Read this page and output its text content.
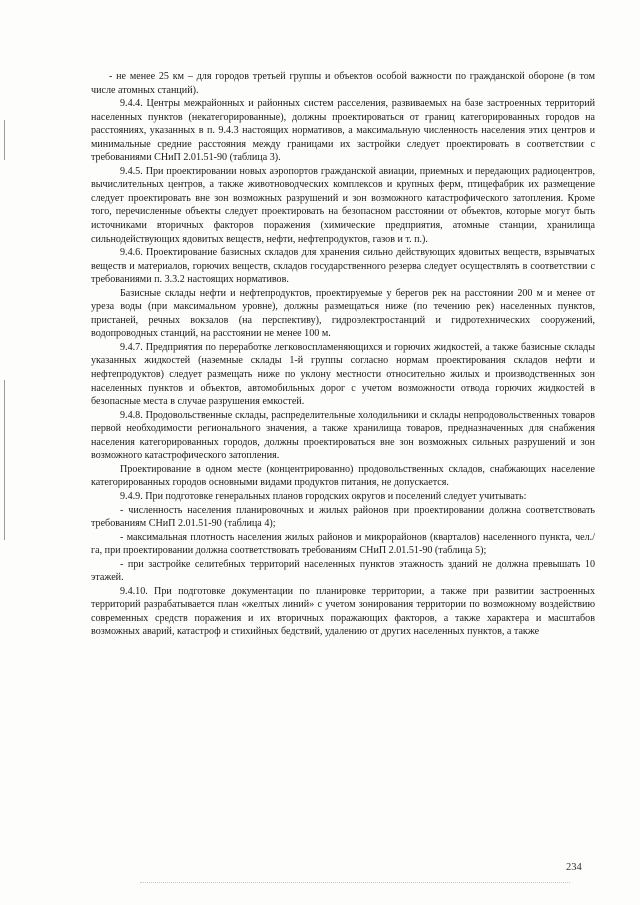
- не менее 25 км – для городов третьей группы и объектов особой важности по гражданской обороне (в том числе атомных станций).

9.4.4. Центры межрайонных и районных систем расселения, развиваемых на базе застроенных территорий населенных пунктов (некатегорированные), должны проектироваться от границ категорированных городов на расстояниях, указанных в п. 9.4.3 настоящих нормативов, а максимальную численность населения этих центров и минимальные средние расстояния между границами их застройки следует проектировать в соответствии с требованиями СНиП 2.01.51-90 (таблица 3).

9.4.5. При проектировании новых аэропортов гражданской авиации, приемных и передающих радиоцентров, вычислительных центров, а также животноводческих комплексов и крупных ферм, птицефабрик их размещение следует проектировать вне зон возможных разрушений и зон возможного катастрофического затопления. Кроме того, перечисленные объекты следует проектировать на безопасном расстоянии от объектов, которые могут быть источниками вторичных факторов поражения (химические предприятия, атомные станции, хранилища сильнодействующих ядовитых веществ, нефти, нефтепродуктов, газов и т. п.).

9.4.6. Проектирование базисных складов для хранения сильно действующих ядовитых веществ, взрывчатых веществ и материалов, горючих веществ, складов государственного резерва следует осуществлять в соответствии с требованиями п. 3.3.2 настоящих нормативов.

Базисные склады нефти и нефтепродуктов, проектируемые у берегов рек на расстоянии 200 м и менее от уреза воды (при максимальном уровне), должны размещаться ниже (по течению рек) населенных пунктов, пристаней, речных вокзалов (на перспективу), гидроэлектростанций и гидротехнических сооружений, водопроводных станций, на расстоянии не менее 100 м.

9.4.7. Предприятия по переработке легковоспламеняющихся и горючих жидкостей, а также базисные склады указанных жидкостей (наземные склады 1-й группы согласно нормам проектирования складов нефти и нефтепродуктов) следует размещать ниже по уклону местности относительно жилых и производственных зон населенных пунктов и объектов, автомобильных дорог с учетом возможности отвода горючих жидкостей в безопасные места в случае разрушения емкостей.

9.4.8. Продовольственные склады, распределительные холодильники и склады непродовольственных товаров первой необходимости регионального значения, а также хранилища товаров, предназначенных для снабжения населения категорированных городов, должны проектироваться вне зон возможных сильных разрушений и зон возможного катастрофического затопления.

Проектирование в одном месте (концентрированно) продовольственных складов, снабжающих население категорированных городов основными видами продуктов питания, не допускается.

9.4.9. При подготовке генеральных планов городских округов и поселений следует учитывать:

- численность населения планировочных и жилых районов при проектировании должна соответствовать требованиям СНиП 2.01.51-90 (таблица 4);

- максимальная плотность населения жилых районов и микрорайонов (кварталов) населенного пункта, чел./га, при проектировании должна соответствовать требованиям СНиП 2.01.51-90 (таблица 5);

- при застройке селитебных территорий населенных пунктов этажность зданий не должна превышать 10 этажей.

9.4.10. При подготовке документации по планировке территории, а также при развитии застроенных территорий разрабатывается план «желтых линий» с учетом зонирования территории по возможному воздействию современных средств поражения и их вторичных поражающих факторов, а также характера и масштабов возможных аварий, катастроф и стихийных бедствий, удалению от других населенных пунктов, а также

234
